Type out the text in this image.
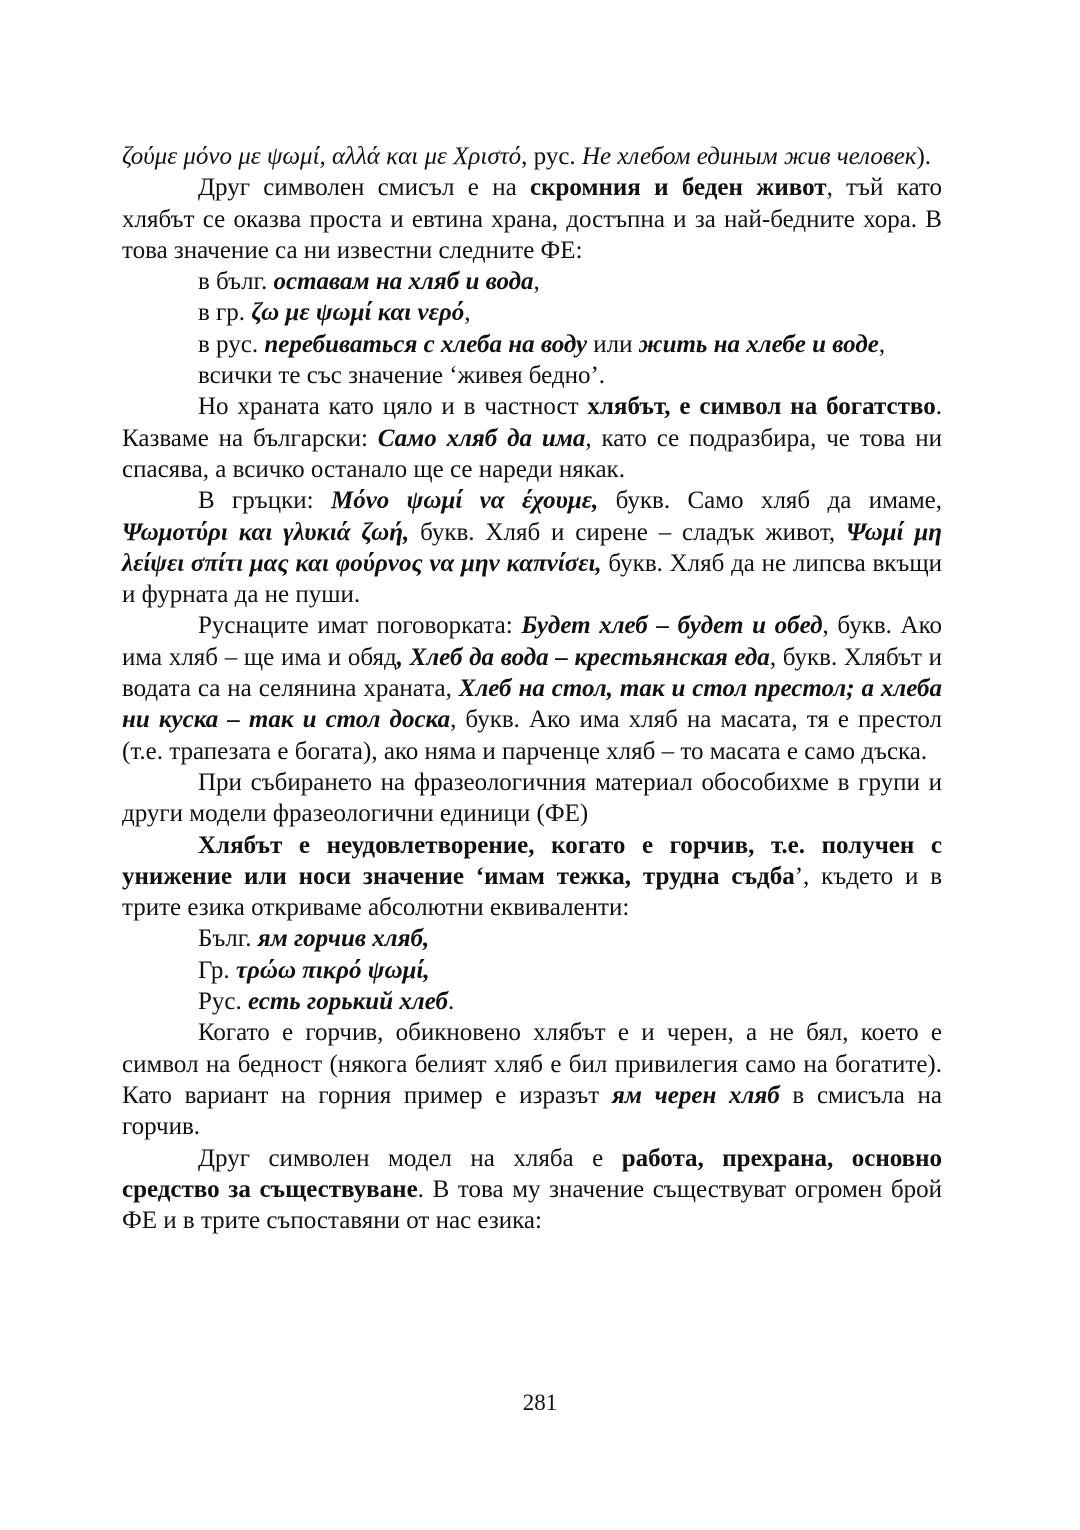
ζούμε μόνο με ψωμί, αλλά και με Χριστό, рус. Не хлебом единым жив человек).

Друг символен смисъл е на скромния и беден живот, тъй като хлябът се оказва проста и евтина храна, достъпна и за най-бедните хора. В това значение са ни известни следните ФЕ:

в бълг. оставам на хляб и вода,

в гр. ζω με ψωμί και νερό,

в рус. перебиваться с хлеба на воду или жить на хлебе и воде,

всички те със значение ‘живея бедно’.

Но храната като цяло и в частност хлябът, е символ на богатство. Казваме на български: Само хляб да има, като се подразбира, че това ни спасява, а всичко останало ще се нареди някак.

В гръцки: Μόνο ψωμί να έχουμε, букв. Само хляб да имаме, Ψωμοτύρι και γλυκιά ζωή, букв. Хляб и сирене – сладък живот, Ψωμί μη λείψει σπίτι μας και φούρνος να μην καπνίσει, букв. Хляб да не липсва вкъщи и фурната да не пуши.

Руснаците имат поговорката: Будет хлеб – будет и обед, букв. Ако има хляб – ще има и обяд, Хлеб да вода – крестьянская еда, букв. Хлябът и водата са на селянина храната, Хлеб на стол, так и стол престол; а хлеба ни куска – так и стол доска, букв. Ако има хляб на масата, тя е престол (т.е. трапезата е богата), ако няма и парченце хляб – то масата е само дъска.

При събирането на фразеологичния материал обособихме в групи и други модели фразеологични единици (ФЕ)

Хлябът е неудовлетворение, когато е горчив, т.е. получен с унижение или носи значение ‘имам тежка, трудна съдба’, където и в трите езика откриваме абсолютни еквиваленти:

Бълг. ям горчив хляб,

Гр. τρώω πικρό ψωμί,

Рус. есть горький хлеб.

Когато е горчив, обикновено хлябът е и черен, а не бял, което е символ на бедност (някога белият хляб е бил привилегия само на богатите). Като вариант на горния пример е изразът ям черен хляб в смисъла на горчив.

Друг символен модел на хляба е работа, прехрана, основно средство за съществуване. В това му значение съществуват огромен брой ФЕ и в трите съпоставяни от нас езика:

281
